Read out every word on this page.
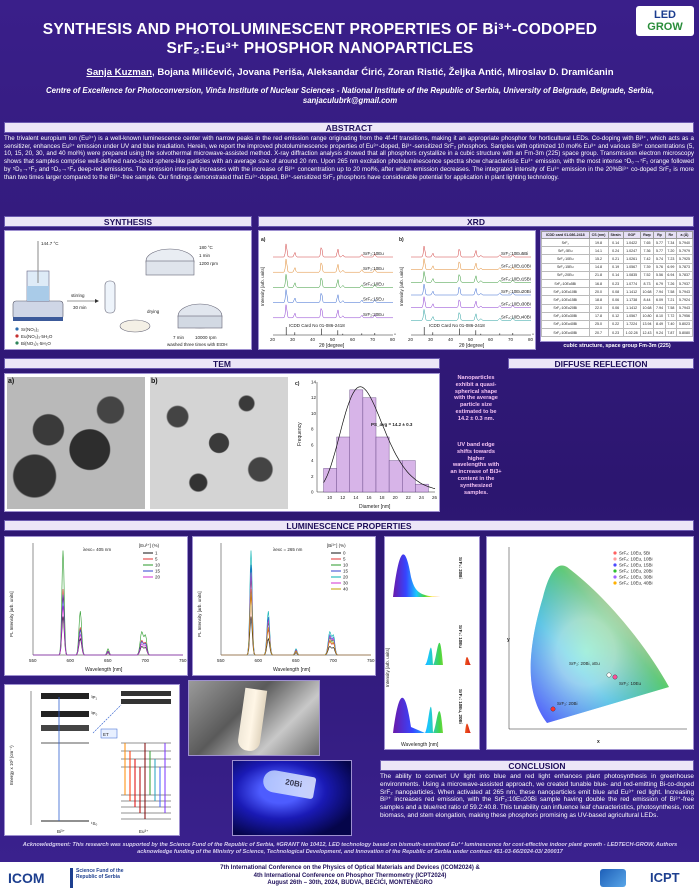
SYNTHESIS AND PHOTOLUMINESCENT PROPERTIES OF Bi³⁺-CODOPED
SrF₂:Eu³⁺ PHOSPHOR NANOPARTICLES
LED
GROW
Sanja Kuzman, Bojana Milićević, Jovana Periša, Aleksandar Ćirić, Zoran Ristić, Željka Antić, Miroslav D. Dramićanin
Centre of Excellence for Photoconversion, Vinča Institute of Nuclear Sciences - National Institute of the Republic of Serbia, University of Belgrade, Belgrade, Serbia,
sanjaculubrk@gmail.com
ABSTRACT
The trivalent europium ion (Eu³⁺) is a well-known luminescence center with narrow peaks in the red emission range originating from the 4f-4f transitions, making it an appropriate phosphor for horticultural LEDs. Co-doping with Bi³⁺, which acts as a sensitizer, enhances Eu³⁺ emission under UV and blue irradiation. Herein, we report the improved photoluminescence properties of Eu³⁺-doped, Bi³⁺-sensitized SrF₂ phosphors. Samples with optimized 10 mol% Eu³⁺ and various Bi³⁺ concentrations (5, 10, 15, 20, 30, and 40 mol%) were prepared using the solvothermal microwave-assisted method. X-ray diffraction analysis showed that all phosphors crystallize in a cubic structure with an Fm-3m (225) space group. Transmission electron microscopy shows that samples comprise well-defined nano-sized sphere-like particles with an average size of around 20 nm. Upon 265 nm excitation photoluminescence spectra show characteristic Eu³⁺ emission, with the most intense ⁵D₀→⁷F₁ orange followed by ⁵D₀→⁷F₂ and ⁵D₀→⁷F₄ deep-red emissions. The emission intensity increases with the increase of Bi³⁺ concentration up to 20 mol%, after which emission decreases. The integrated intensity of Eu³⁺ emission in the 20%Bi³⁺ co-doped SrF₂ is more than two times larger compared to the Bi³⁺-free sample. Our findings demonstrated that Eu³⁺-doped, Bi³⁺-sensitized SrF₂ phosphors have considerable potential for application in plant lighting technology.
SYNTHESIS
144.7 °C
stirring
30 min
180 °C
1 min
1200 rpm
7 min 10000 rpm
washed three times with EtOH
drying
Sr(NO₃)₂
Eu(NO₃)₃·5H₂O
Bi(NO₃)₃·5H₂O
XRD
a)	b)
SrF₂:10Eu
SrF₂:10Eu
SrF₂:10Eu
SrF₂:15Eu
SrF₂:20Eu
20	30	40	50	60	70	80
SrF₂:10Eu5Bi
SrF₂:10Eu10Bi
SrF₂:10Eu15Bi
SrF₂:10Eu20Bi
SrF₂:10Eu30Bi
SrF₂:10Eu40Bi
20	30	40	50	60	70	80
ICDD Card No 01-086-2418	ICDD Card No 01-086-2418
2θ [degree]	2θ [degree]
Intensity [arb. units]	Intensity [arb. units]
ICDD card 01-086-2418	CS (nm)	Strain	GOF	Rwp	Rp	Re	a (Å)
SrF₂	19.8	0.14	1.0422	7.65	5.77	7.34	5.7940
SrF₂:5Eu	14.1	0.24	1.0247	7.36	5.77	7.20	5.7979
SrF₂:10Eu	15.2	0.21	1.0261	7.42	5.74	7.23	5.7925
SrF₂:15Eu	14.8	0.19	1.0567	7.39	5.76	6.99	5.7873
SrF₂:20Eu	21.8	0.14	1.0835	7.52	5.56	6.94	5.7837
SrF₂:10Eu5Bi	16.8	0.23	1.0774	8.73	6.79	7.26	5.7937
SrF₂:10Eu10Bi	20.0	0.08	1.1412	10.68	7.94	7.58	5.7943
SrF₂:10Eu15Bi	18.8	0.06	1.1738	8.44	6.09	7.21	5.7924
SrF₂:10Eu20Bi	22.0	0.06	1.1412	10.68	7.94	7.58	5.7943
SrF₂:10Eu30Bi	17.8	0.12	1.0567	10.80	8.10	7.72	5.7956
SrF₂:10Eu40Bi	25.0	0.22	1.7224	13.94	8.49	7.40	5.8023
SrF₂:10Eu40Bi	20.7	0.23	1.02.28	12.43	9.24	7.87	5.8080
cubic structure, space group Fm-3m (225)
TEM
a)	b)	c)
10 12 14 16 18 20 22 24 26
0
2
4
6
8
10
12
14
PS_avg = 14.2 ± 0.3
Frequency
Diameter [nm]
Nanoparticles exhibit a quasi-spherical shape with the average particle size estimated to be 14.2 ± 0.3 nm.
DIFFUSE REFLECTION
UV band edge shifts towards higher wavelengths with an increase of Bi3+ content in the synthesized samples.
LUMINESCENCE PROPERTIES
550	600	650	700	750
λexc= 405 nm
[Eu³⁺] (%)
1
5
10
15
20
PL Intensity [arb. units]
Wavelength [nm]
550	600	650	700	750
λexc = 265 nm
[Bi³⁺] (%)
0
5
10
15
20
30
40
PL Intensity [arb. units]
Wavelength [nm]
SrF₂: 20Bi
SrF₂: 10Eu
SrF₂: 10Eu, 20Bi
Intensity [arb. units]
Wavelength [nm]
SrF₂: 20Bi, xEu
SrF₂: 20Bi
SrF₂: 10Eu
SrF₂: 10Eu, 5Bi
SrF₂: 10Eu, 10Bi
SrF₂: 10Eu, 15Bi
SrF₂: 10Eu, 20Bi
SrF₂: 10Eu, 30Bi
SrF₂: 10Eu, 40Bi
y
x
³P₁
³P₀
¹S₀
ET
Bi³⁺	Eu³⁺
Energy x 10³ (cm⁻¹)	20Bi
CONCLUSION
The ability to convert UV light into blue and red light enhances plant photosynthesis in greenhouse environments. Using a microwave-assisted approach, we created tunable blue- and red-emitting Bi-co-doped SrF₂ nanoparticles. When activated at 265 nm, these nanoparticles emit blue and Eu³⁺ red light. Increasing Bi³⁺ increases red emission, with the SrF₂:10Eu20Bi sample having double the red emission of Bi³⁺-free samples and a blue/red ratio of 59.2:40.8. This tunability can influence leaf characteristics, photosynthesis, root biomass, and stem elongation, making these phosphors promising as UV-based agricultural LEDs.
Acknowledgment: This research was supported by the Science Fund of the Republic of Serbia, #GRANT No 10412, LED technology based on bismuth-sensitized Eu³⁺ luminescence for cost-effective indoor plant growth - LEDTECH-GROW, Authors acknowledge funding of the Ministry of Science, Technological Development, and Innovation of the Republic of Serbia under contract 451-03-66/2024-03/ 200017
ICOM	Science Fund of the Republic of Serbia
7th International Conference on the Physics of Optical Materials and Devices (ICOM2024) &
4th International Conference on Phosphor Thermometry (ICPT2024)
August 26th – 30th, 2024, BUDVA, BEĆIĆI, MONTENEGRO	ICPT
